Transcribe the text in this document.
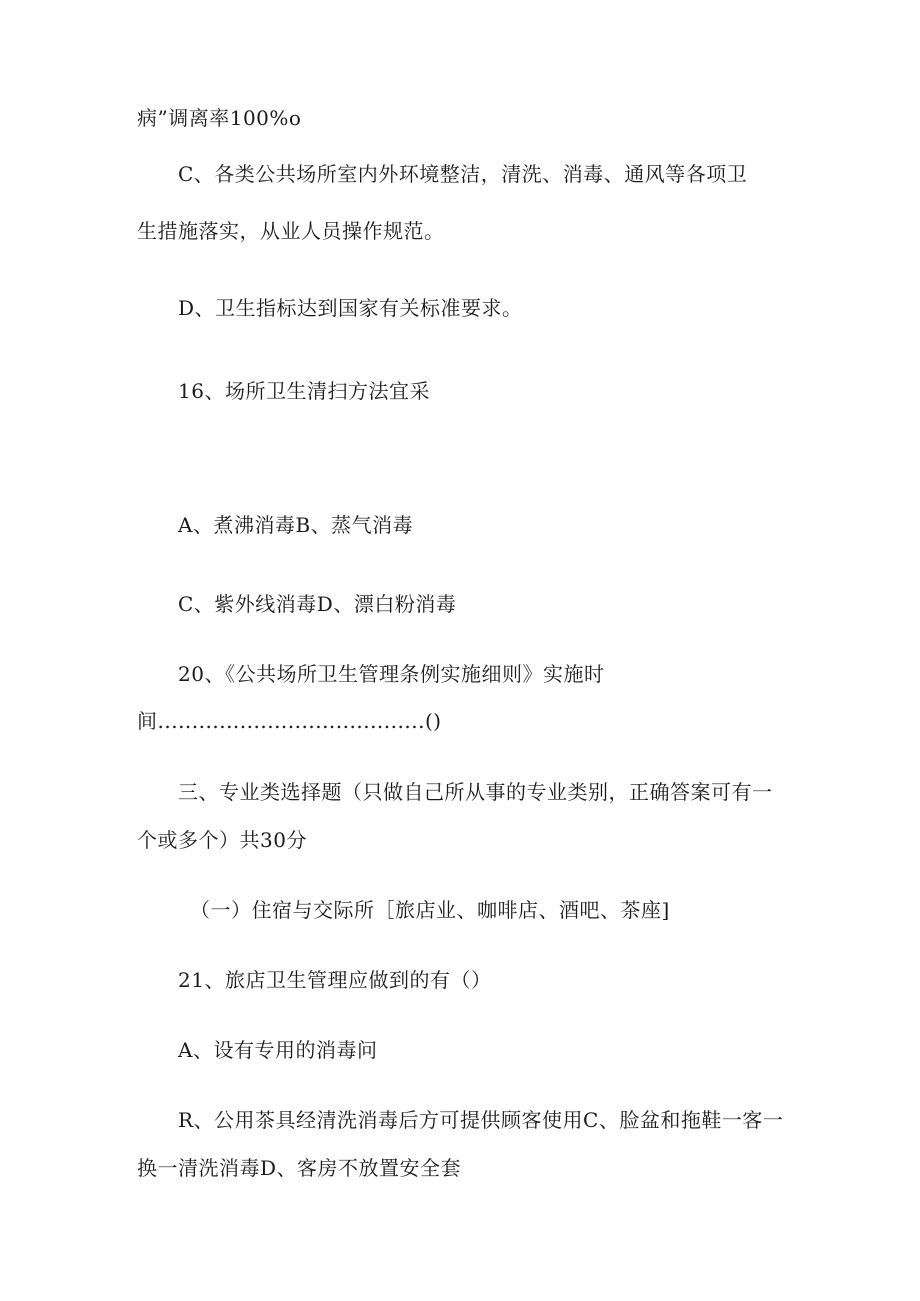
病”调离率100%o
C、各类公共场所室内外环境整洁，清洗、消毒、通风等各项卫
生措施落实，从业人员操作规范。
D、卫生指标达到国家有关标准要求。
16、场所卫生清扫方法宜采
A、煮沸消毒B、蒸气消毒
C、紫外线消毒D、漂白粉消毒
20、《公共场所卫生管理条例实施细则》实施时
间.......................................()
三、专业类选择题（只做自己所从事的专业类别，正确答案可有一
个或多个）共30分
（一）住宿与交际所［旅店业、咖啡店、酒吧、茶座]
21、旅店卫生管理应做到的有（）
A、设有专用的消毒问
R、公用茶具经清洗消毒后方可提供顾客使用C、脸盆和拖鞋一客一
换一清洗消毒D、客房不放置安全套
